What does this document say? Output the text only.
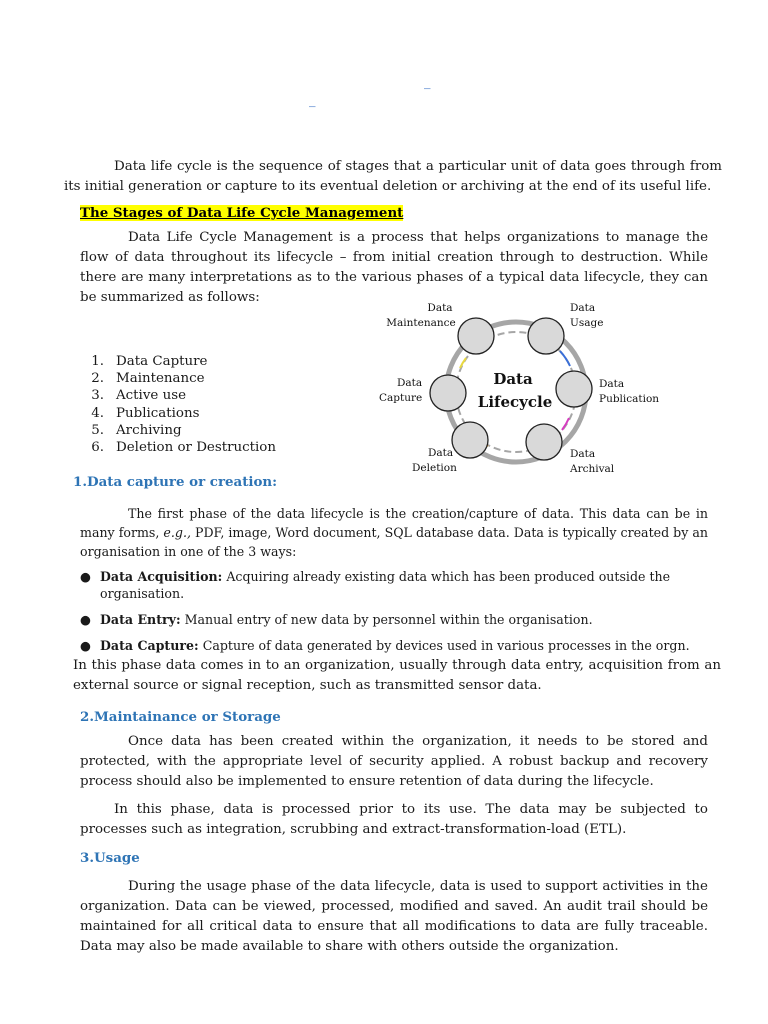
_
_

Data life cycle is the sequence of stages that a particular unit of data goes through from its initial generation or capture to its eventual deletion or archiving at the end of its useful life.

The Stages of Data Life Cycle Management

Data Life Cycle Management is a process that helps organizations to manage the flow of data throughout its lifecycle – from initial creation through to destruction. While there are many interpretations as to the various phases of a typical data lifecycle, they can be summarized as follows:

1. Data Capture
2. Maintenance
3. Active use
4. Publications
5. Archiving
6. Deletion or Destruction
Data
Lifecycle
Data
Maintenance
Data
Usage
Data
Capture
Data
Publication
Data
Deletion
Data
Archival
1.Data capture or creation:

The first phase of the data lifecycle is the creation/capture of data. This data can be in many forms, e.g., PDF, image, Word document, SQL database data. Data is typically created by an organisation in one of the 3 ways:

● Data Acquisition: Acquiring already existing data which has been produced outside the organisation.
● Data Entry: Manual entry of new data by personnel within the organisation.
● Data Capture: Capture of data generated by devices used in various processes in the orgn.

In this phase data comes in to an organization, usually through data entry, acquisition from an external source or signal reception, such as transmitted sensor data.

2.Maintainance or Storage

Once data has been created within the organization, it needs to be stored and protected, with the appropriate level of security applied. A robust backup and recovery process should also be implemented to ensure retention of data during the lifecycle.

In this phase, data is processed prior to its use. The data may be subjected to processes such as integration, scrubbing and extract-transformation-load (ETL).

3.Usage

During the usage phase of the data lifecycle, data is used to support activities in the organization. Data can be viewed, processed, modified and saved. An audit trail should be maintained for all critical data to ensure that all modifications to data are fully traceable. Data may also be made available to share with others outside the organization.
